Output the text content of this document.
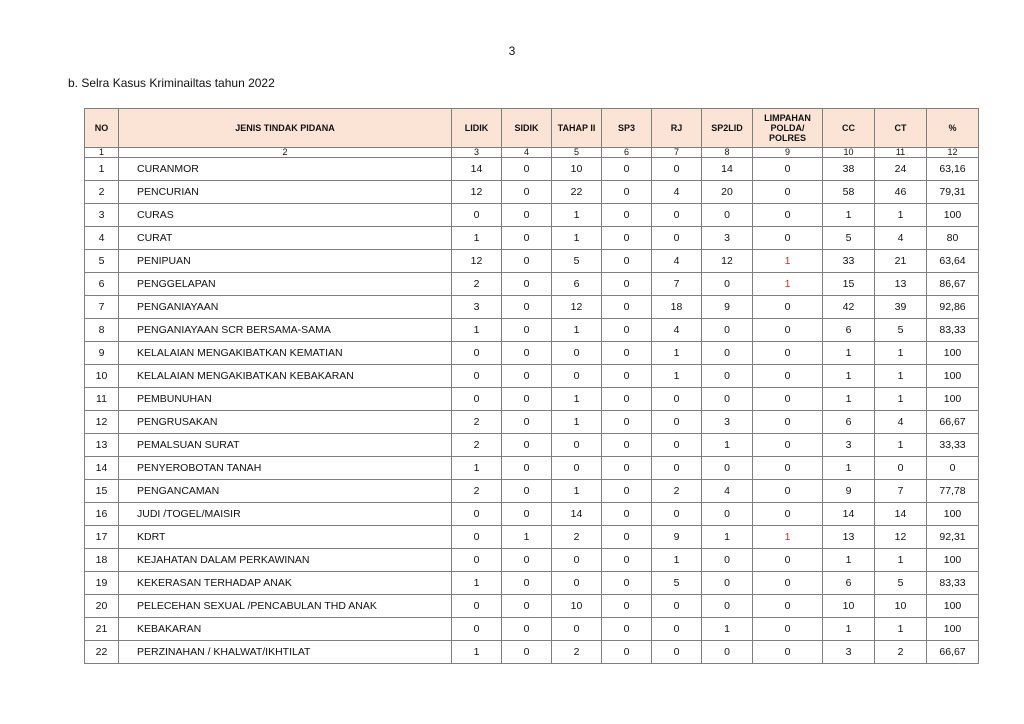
3
b. Selra Kasus Kriminailtas tahun 2022
NO	JENIS TINDAK PIDANA	LIDIK	SIDIK	TAHAP II	SP3	RJ	SP2LID	LIMPAHAN POLDA/ POLRES	CC	CT	%
1	2	3	4	5	6	7	8	9	10	11	12
1	CURANMOR	14	0	10	0	0	14	0	38	24	63,16
2	PENCURIAN	12	0	22	0	4	20	0	58	46	79,31
3	CURAS	0	0	1	0	0	0	0	1	1	100
4	CURAT	1	0	1	0	0	3	0	5	4	80
5	PENIPUAN	12	0	5	0	4	12	1	33	21	63,64
6	PENGGELAPAN	2	0	6	0	7	0	1	15	13	86,67
7	PENGANIAYAAN	3	0	12	0	18	9	0	42	39	92,86
8	PENGANIAYAAN SCR BERSAMA-SAMA	1	0	1	0	4	0	0	6	5	83,33
9	KELALAIAN MENGAKIBATKAN KEMATIAN	0	0	0	0	1	0	0	1	1	100
10	KELALAIAN MENGAKIBATKAN KEBAKARAN	0	0	0	0	1	0	0	1	1	100
11	PEMBUNUHAN	0	0	1	0	0	0	0	1	1	100
12	PENGRUSAKAN	2	0	1	0	0	3	0	6	4	66,67
13	PEMALSUAN SURAT	2	0	0	0	0	1	0	3	1	33,33
14	PENYEROBOTAN TANAH	1	0	0	0	0	0	0	1	0	0
15	PENGANCAMAN	2	0	1	0	2	4	0	9	7	77,78
16	JUDI /TOGEL/MAISIR	0	0	14	0	0	0	0	14	14	100
17	KDRT	0	1	2	0	9	1	1	13	12	92,31
18	KEJAHATAN DALAM PERKAWINAN	0	0	0	0	1	0	0	1	1	100
19	KEKERASAN TERHADAP ANAK	1	0	0	0	5	0	0	6	5	83,33
20	PELECEHAN SEXUAL /PENCABULAN THD ANAK	0	0	10	0	0	0	0	10	10	100
21	KEBAKARAN	0	0	0	0	0	1	0	1	1	100
22	PERZINAHAN / KHALWAT/IKHTILAT	1	0	2	0	0	0	0	3	2	66,67
